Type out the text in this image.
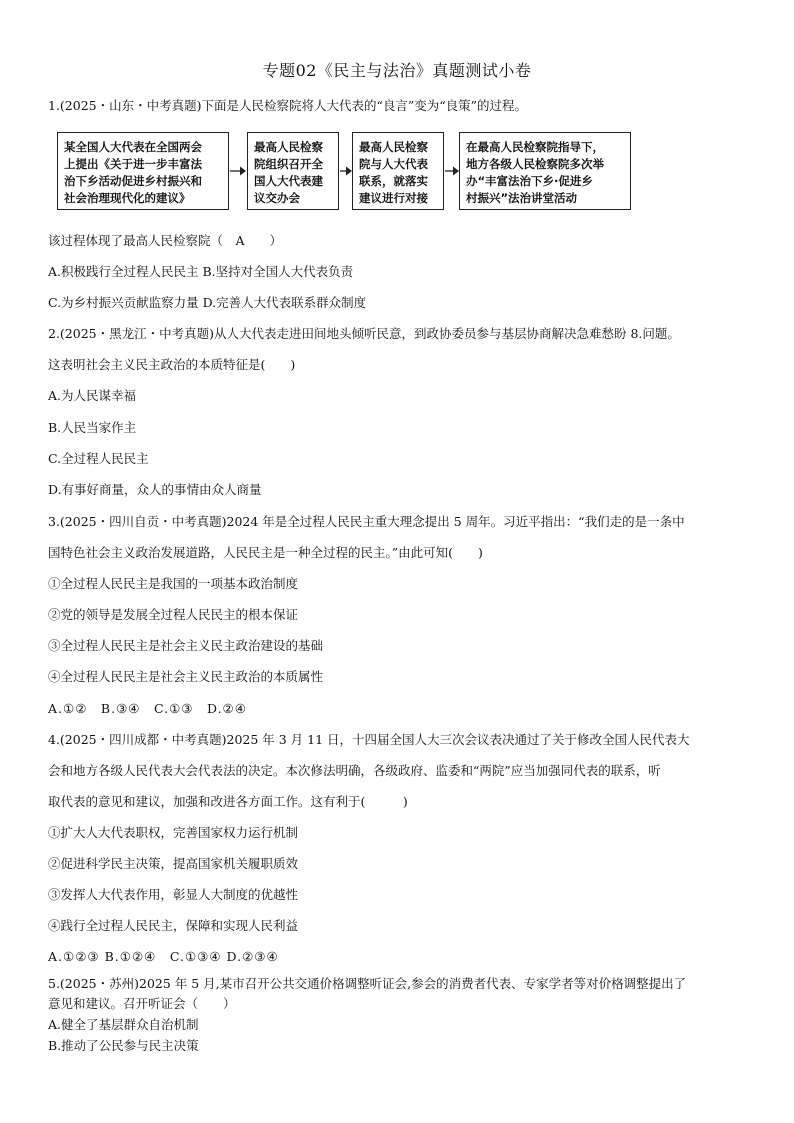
专题02《民主与法治》真题测试小卷
1.(2025・山东・中考真题)下面是人民检察院将人大代表的“良言”变为“良策”的过程。
某全国人大代表在全国两会
上提出《关于进一步丰富法
治下乡活动促进乡村振兴和
社会治理现代化的建议》
最高人民检察
院组织召开全
国人大代表建
议交办会
最高人民检察
院与人大代表
联系，就落实
建议进行对接
在最高人民检察院指导下，
地方各级人民检察院多次举
办“丰富法治下乡·促进乡
村振兴”法治讲堂活动
该过程体现了最高人民检察院（　A　　）
A.积极践行全过程人民民主 B.坚持对全国人大代表负责
C.为乡村振兴贡献监察力量 D.完善人大代表联系群众制度
2.(2025・黑龙江・中考真题)从人大代表走进田间地头倾听民意，到政协委员参与基层协商解决急难愁盼 8.问题。
这表明社会主义民主政治的本质特征是(　　)
A.为人民谋幸福
B.人民当家作主
C.全过程人民民主
D.有事好商量，众人的事情由众人商量
3.(2025・四川自贡・中考真题)2024 年是全过程人民民主重大理念提出 5 周年。习近平指出：“我们走的是一条中
国特色社会主义政治发展道路，人民民主是一种全过程的民主。”由此可知(　　)
①全过程人民民主是我国的一项基本政治制度
②党的领导是发展全过程人民民主的根本保证
③全过程人民民主是社会主义民主政治建设的基础
④全过程人民民主是社会主义民主政治的本质属性
A.①②　B.③④　C.①③　D.②④
4.(2025・四川成都・中考真题)2025 年 3 月 11 日，十四届全国人大三次会议表决通过了关于修改全国人民代表大
会和地方各级人民代表大会代表法的决定。本次修法明确，各级政府、监委和“两院”应当加强同代表的联系，听
取代表的意见和建议，加强和改进各方面工作。这有利于(　　　)
①扩大人大代表职权，完善国家权力运行机制
②促进科学民主决策，提高国家机关履职质效
③发挥人大代表作用，彰显人大制度的优越性
④践行全过程人民民主，保障和实现人民利益
A.①②③ B.①②④　C.①③④ D.②③④
5.(2025・苏州)2025 年 5 月,某市召开公共交通价格调整听证会,参会的消费者代表、专家学者等对价格调整提出了
意见和建议。召开听证会（　　）
A.健全了基层群众自治机制
B.推动了公民参与民主决策
